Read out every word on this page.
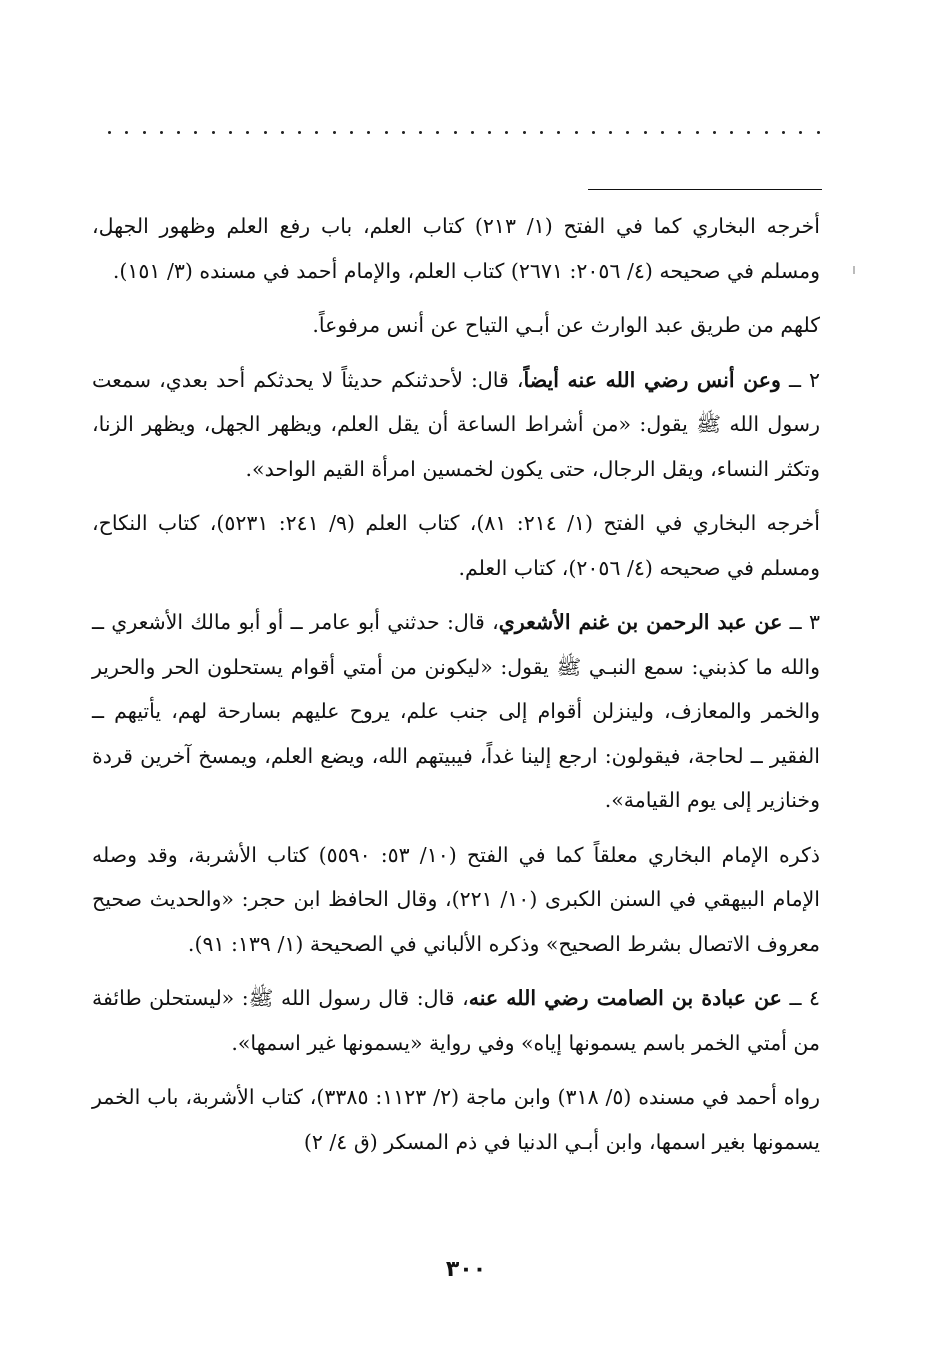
أخرجه البخاري كما في الفتح (١/ ٢١٣) كتاب العلم، باب رفع العلم وظهور الجهل، ومسلم في صحيحه (٤/ ٢٠٥٦: ٢٦٧١) كتاب العلم، والإمام أحمد في مسنده (٣/ ١٥١).

كلهم من طريق عبد الوارث عن أبـي التياح عن أنس مرفوعاً.

٢ ــ وعن أنس رضي الله عنه أيضاً، قال: لأحدثنكم حديثاً لا يحدثكم أحد بعدي، سمعت رسول الله ﷺ يقول: «من أشراط الساعة أن يقل العلم، ويظهر الجهل، ويظهر الزنا، وتكثر النساء، ويقل الرجال، حتى يكون لخمسين امرأة القيم الواحد».

أخرجه البخاري في الفتح (١/ ٢١٤: ٨١)، كتاب العلم (٩/ ٢٤١: ٥٢٣١)، كتاب النكاح، ومسلم في صحيحه (٤/ ٢٠٥٦)، كتاب العلم.

٣ ــ عن عبد الرحمن بن غنم الأشعري، قال: حدثني أبو عامر ــ أو أبو مالك الأشعري ــ والله ما كذبني: سمع النبـي ﷺ يقول: «ليكونن من أمتي أقوام يستحلون الحر والحرير والخمر والمعازف، ولينزلن أقوام إلى جنب علم، يروح عليهم بسارحة لهم، يأتيهم ــ الفقير ــ لحاجة، فيقولون: ارجع إلينا غداً، فيبيتهم الله، ويضع العلم، ويمسخ آخرين قردة وخنازير إلى يوم القيامة».

ذكره الإمام البخاري معلقاً كما في الفتح (١٠/ ٥٣: ٥٥٩٠) كتاب الأشربة، وقد وصله الإمام البيهقي في السنن الكبرى (١٠/ ٢٢١)، وقال الحافظ ابن حجر: «والحديث صحيح معروف الاتصال بشرط الصحيح» وذكره الألباني في الصحيحة (١/ ١٣٩: ٩١).

٤ ــ عن عبادة بن الصامت رضي الله عنه، قال: قال رسول الله ﷺ: «ليستحلن طائفة من أمتي الخمر باسم يسمونها إياه» وفي رواية «يسمونها غير اسمها».

رواه أحمد في مسنده (٥/ ٣١٨) وابن ماجة (٢/ ١١٢٣: ٣٣٨٥)، كتاب الأشربة، باب الخمر يسمونها بغير اسمها، وابن أبـي الدنيا في ذم المسكر (ق ٤/ ٢)

٣٠٠
